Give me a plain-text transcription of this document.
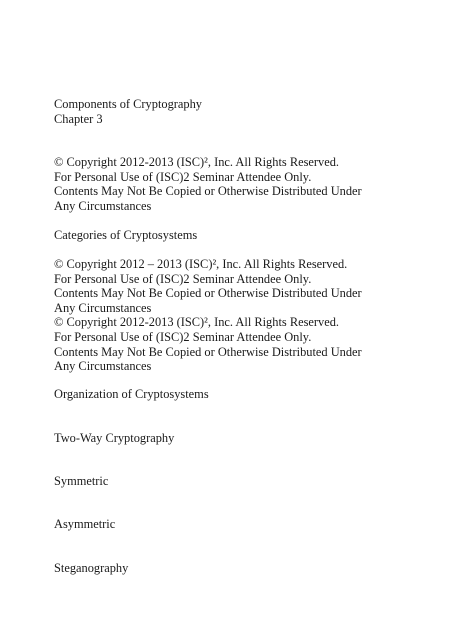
Components of Cryptography
Chapter 3
© Copyright 2012-2013 (ISC)², Inc. All Rights Reserved.
For Personal Use of (ISC)2 Seminar Attendee Only.
Contents May Not Be Copied or Otherwise Distributed Under
Any Circumstances
Categories of Cryptosystems
© Copyright 2012 – 2013 (ISC)², Inc. All Rights Reserved.
For Personal Use of (ISC)2 Seminar Attendee Only.
Contents May Not Be Copied or Otherwise Distributed Under
Any Circumstances
© Copyright 2012-2013 (ISC)², Inc. All Rights Reserved.
For Personal Use of (ISC)2 Seminar Attendee Only.
Contents May Not Be Copied or Otherwise Distributed Under
Any Circumstances
Organization of Cryptosystems
Two-Way Cryptography
Symmetric
Asymmetric
Steganography
